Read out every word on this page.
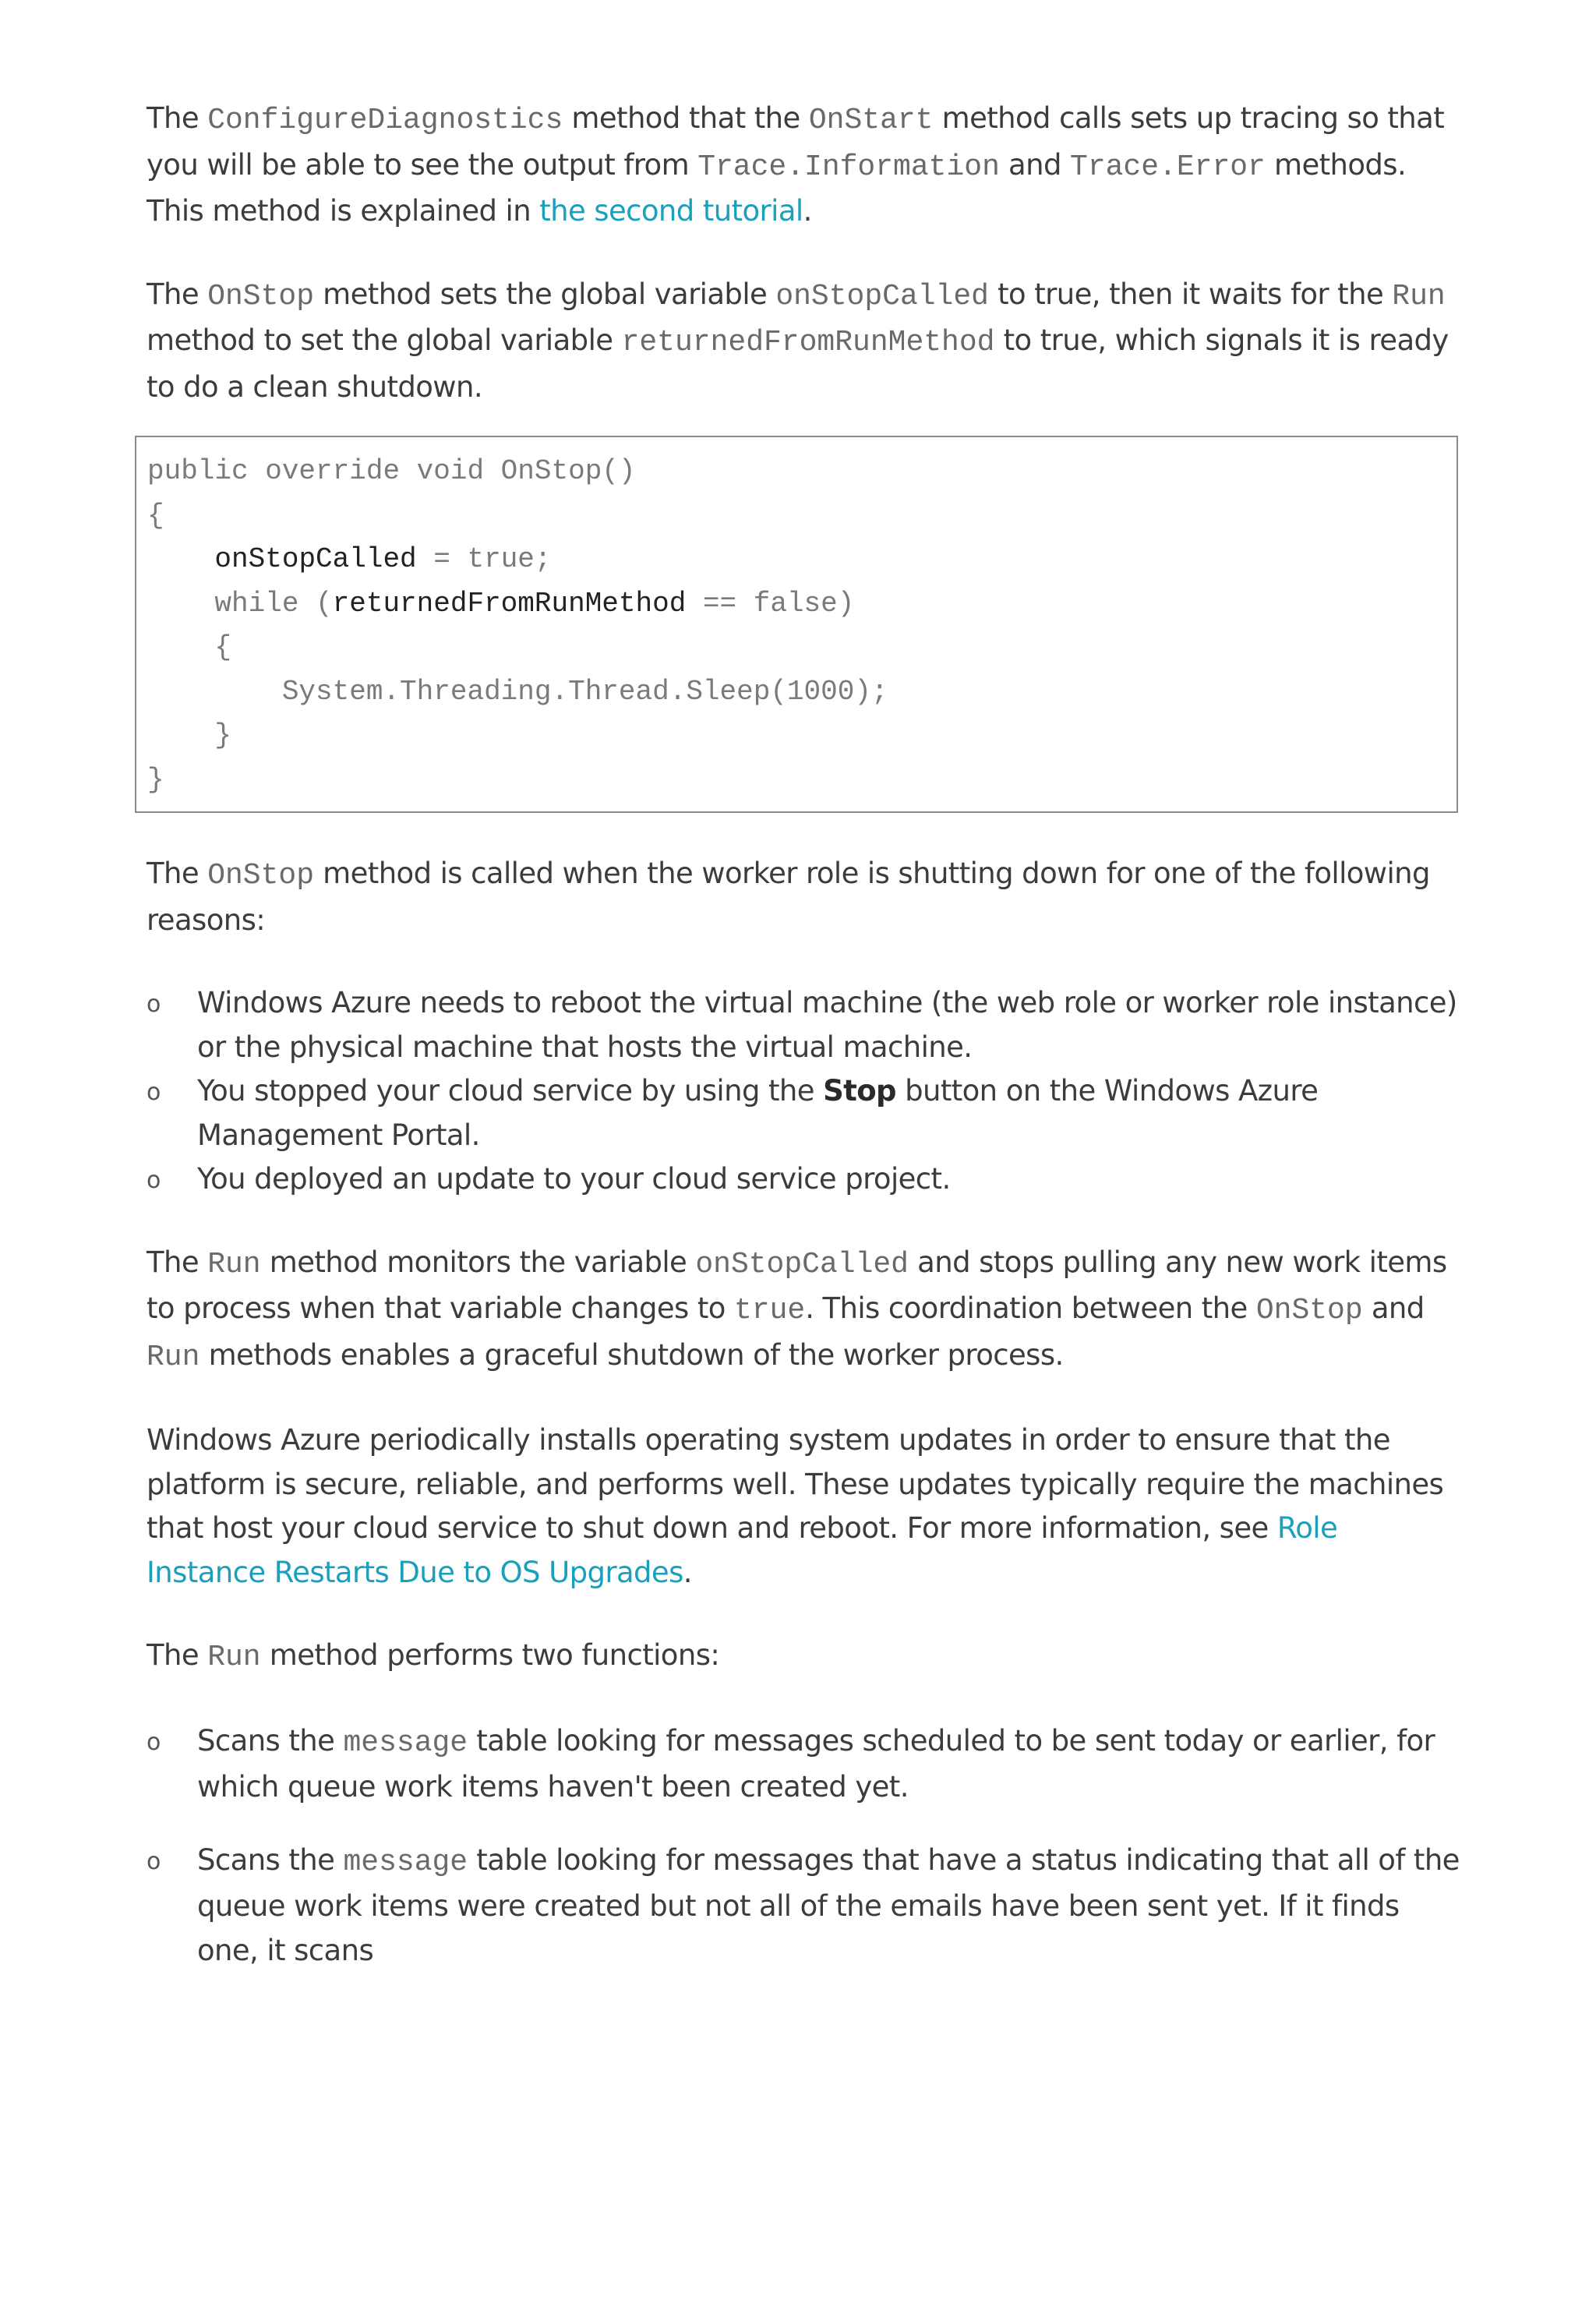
The ConfigureDiagnostics method that the OnStart method calls sets up tracing so that you will be able to see the output from Trace.Information and Trace.Error methods. This method is explained in the second tutorial.

The OnStop method sets the global variable onStopCalled to true, then it waits for the Run method to set the global variable returnedFromRunMethod to true, which signals it is ready to do a clean shutdown.

public override void OnStop()
{
onStopCalled = true;
while (returnedFromRunMethod == false)
{
System.Threading.Thread.Sleep(1000);
}
}

The OnStop method is called when the worker role is shutting down for one of the following reasons:

o Windows Azure needs to reboot the virtual machine (the web role or worker role instance) or the physical machine that hosts the virtual machine.
o You stopped your cloud service by using the Stop button on the Windows Azure Management Portal.
o You deployed an update to your cloud service project.

The Run method monitors the variable onStopCalled and stops pulling any new work items to process when that variable changes to true. This coordination between the OnStop and Run methods enables a graceful shutdown of the worker process.

Windows Azure periodically installs operating system updates in order to ensure that the platform is secure, reliable, and performs well. These updates typically require the machines that host your cloud service to shut down and reboot. For more information, see Role Instance Restarts Due to OS Upgrades.

The Run method performs two functions:

o Scans the message table looking for messages scheduled to be sent today or earlier, for which queue work items haven't been created yet.
o Scans the message table looking for messages that have a status indicating that all of the queue work items were created but not all of the emails have been sent yet. If it finds one, it scans
